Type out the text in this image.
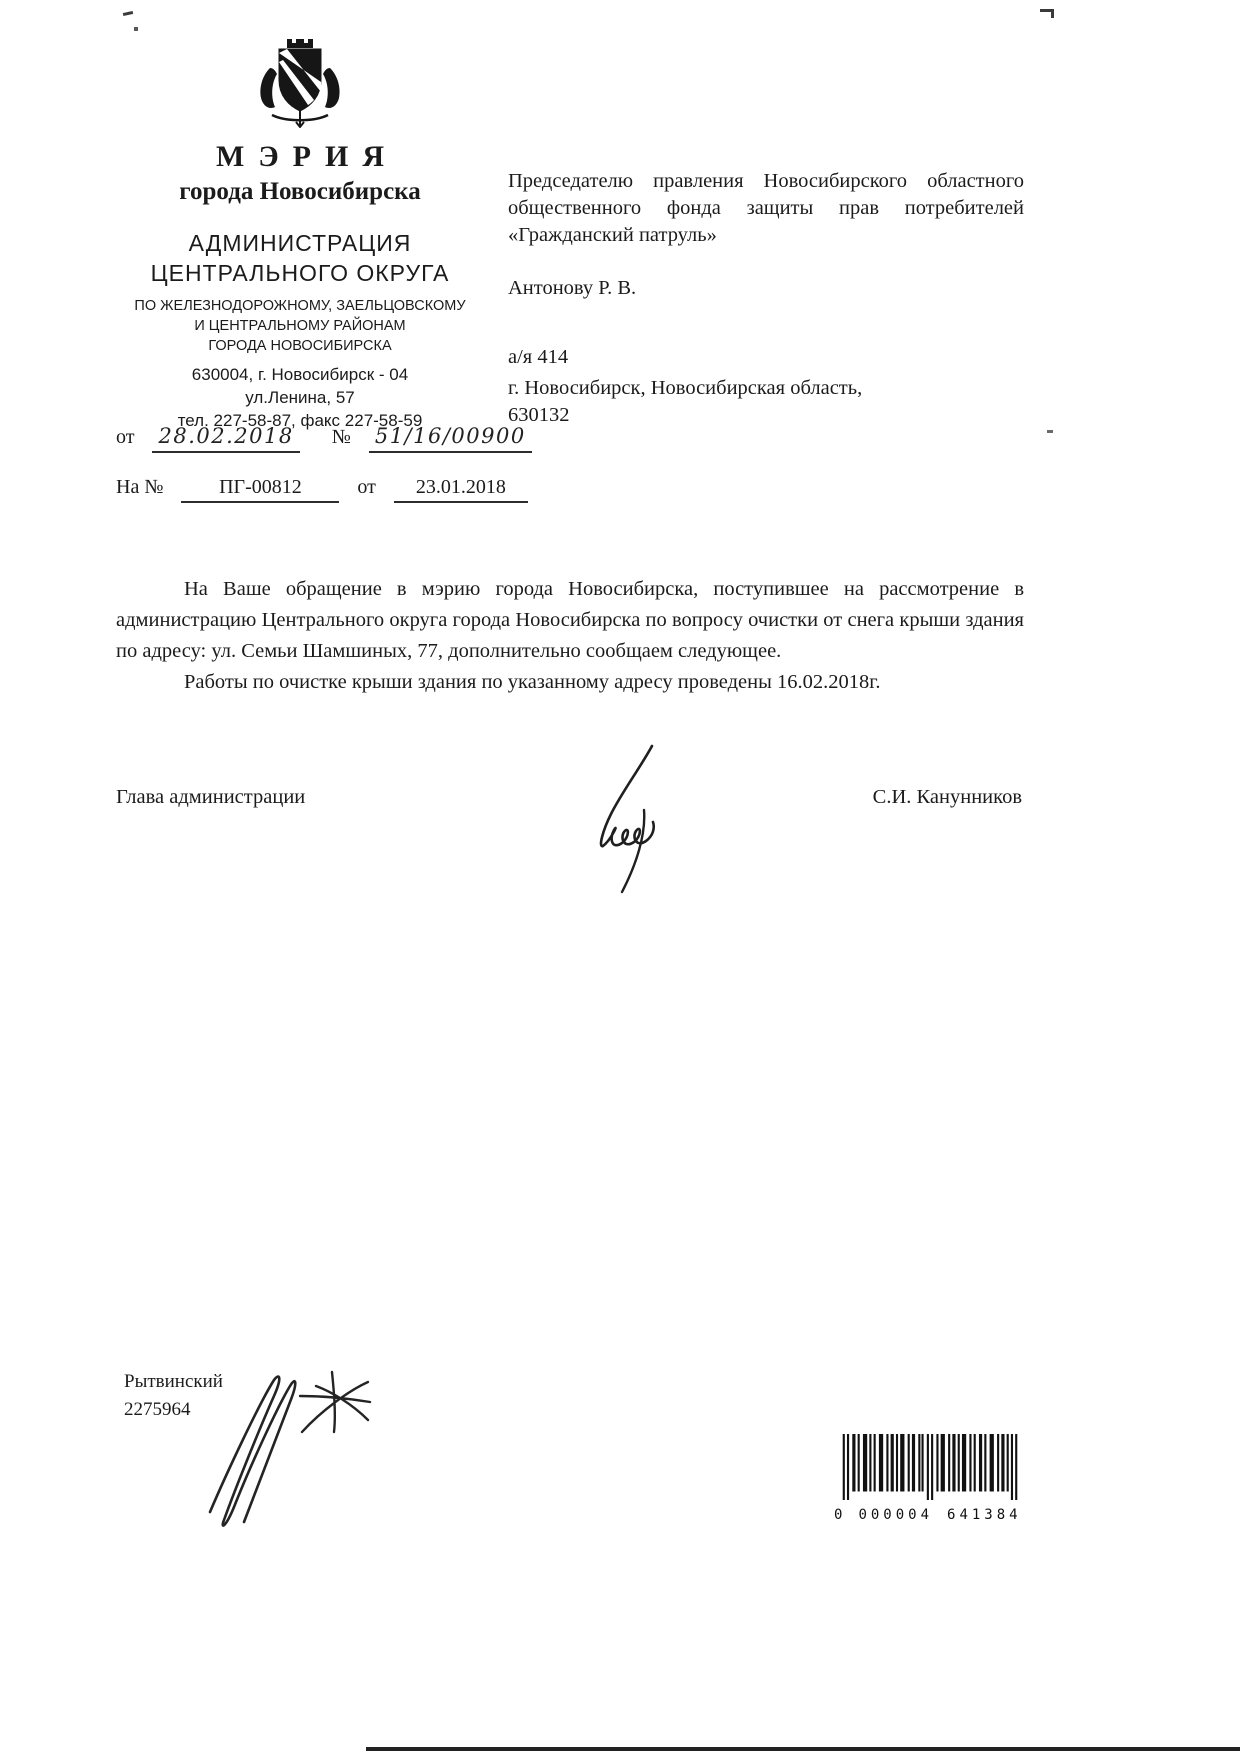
МЭРИЯ
города Новосибирска
АДМИНИСТРАЦИЯ
ЦЕНТРАЛЬНОГО ОКРУГА
ПО ЖЕЛЕЗНОДОРОЖНОМУ, ЗАЕЛЬЦОВСКОМУ
И ЦЕНТРАЛЬНОМУ РАЙОНАМ
ГОРОДА НОВОСИБИРСКА
630004, г. Новосибирск - 04
ул.Ленина, 57
тел. 227-58-87, факс 227-58-59
от 28.02.2018 № 51/16/00900
На №	ПГ-00812	от 23.01.2018
Председателю правления Новосибирского областного общественного фонда защиты прав потребителей «Гражданский патруль»
Антонову Р. В.
а/я 414
г. Новосибирск, Новосибирская область, 630132

На Ваше обращение в мэрию города Новосибирска, поступившее на рассмотрение в администрацию Центрального округа города Новосибирска по вопросу очистки от снега крыши здания по адресу: ул. Семьи Шамшиных, 77, дополнительно сообщаем следующее.

Работы по очистке крыши здания по указанному адресу проведены 16.02.2018г.

Глава администрации	С.И. Канунников
Рытвинский
2275964
0 000004 641384
